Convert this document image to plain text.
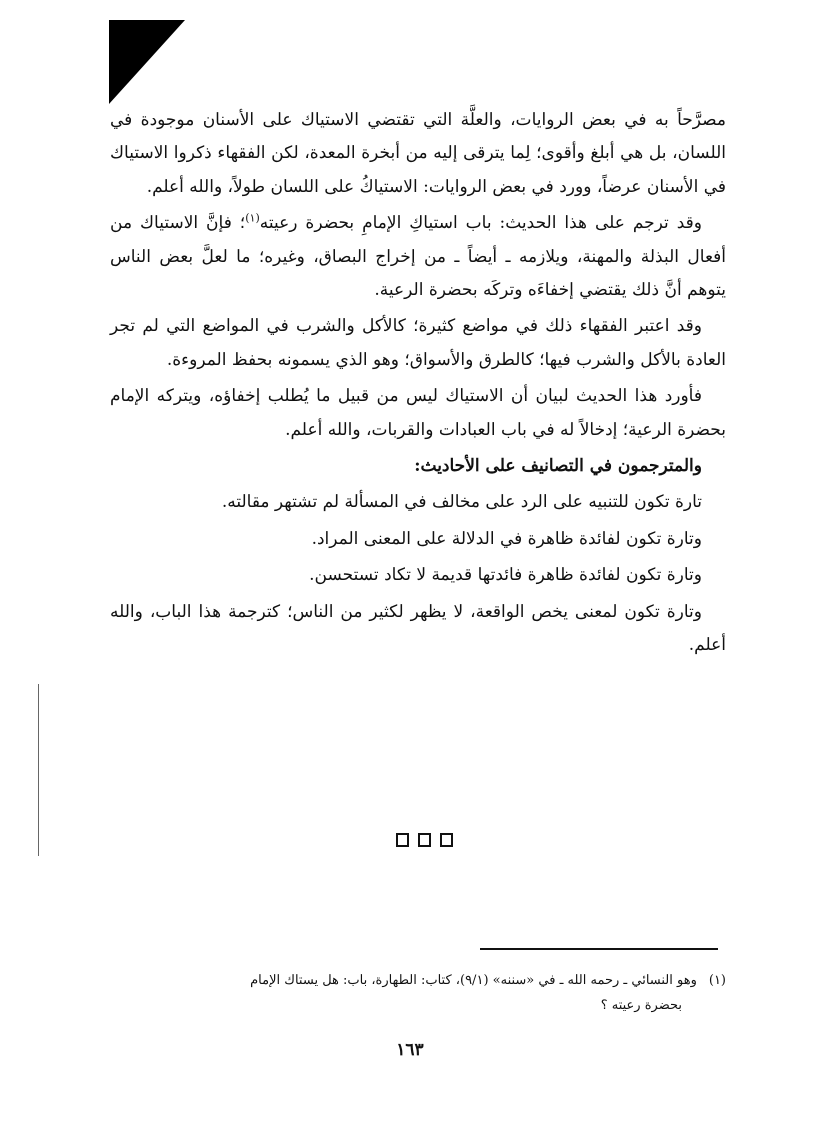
مصرَّحاً به في بعض الروايات، والعلَّة التي تقتضي الاستياك على الأسنان موجودة في اللسان، بل هي أبلغ وأقوى؛ لِما يترقى إليه من أبخرة المعدة، لكن الفقهاء ذكروا الاستياك في الأسنان عرضاً، وورد في بعض الروايات: الاستياكُ على اللسان طولاً، والله أعلم.

وقد ترجم على هذا الحديث: باب استياكِ الإمامِ بحضرة رعيته$^{(١)}$؛ فإنَّ الاستياك من أفعال البذلة والمهنة، ويلازمه ـ أيضاً ـ من إخراج البصاق، وغيره؛ ما لعلَّ بعض الناس يتوهم أنَّ ذلك يقتضي إخفاءَه وتركَه بحضرة الرعية.

وقد اعتبر الفقهاء ذلك في مواضع كثيرة؛ كالأكل والشرب في المواضع التي لم تجر العادة بالأكل والشرب فيها؛ كالطرق والأسواق؛ وهو الذي يسمونه بحفظ المروءة.

فأورد هذا الحديث لبيان أن الاستياك ليس من قبيل ما يُطلب إخفاؤه، ويتركه الإمام بحضرة الرعية؛ إدخالاً له في باب العبادات والقربات، والله أعلم.

والمترجمون في التصانيف على الأحاديث:

تارة تكون للتنبيه على الرد على مخالف في المسألة لم تشتهر مقالته.

وتارة تكون لفائدة ظاهرة في الدلالة على المعنى المراد.

وتارة تكون لفائدة ظاهرة فائدتها قديمة لا تكاد تستحسن.

وتارة تكون لمعنى يخص الواقعة، لا يظهر لكثير من الناس؛ كترجمة هذا الباب، والله أعلم.

(١)وهو النسائي ـ رحمه الله ـ في «سننه» (٩/١)، كتاب: الطهارة، باب: هل يستاك الإمام
بحضرة رعيته ؟
١٦٣
